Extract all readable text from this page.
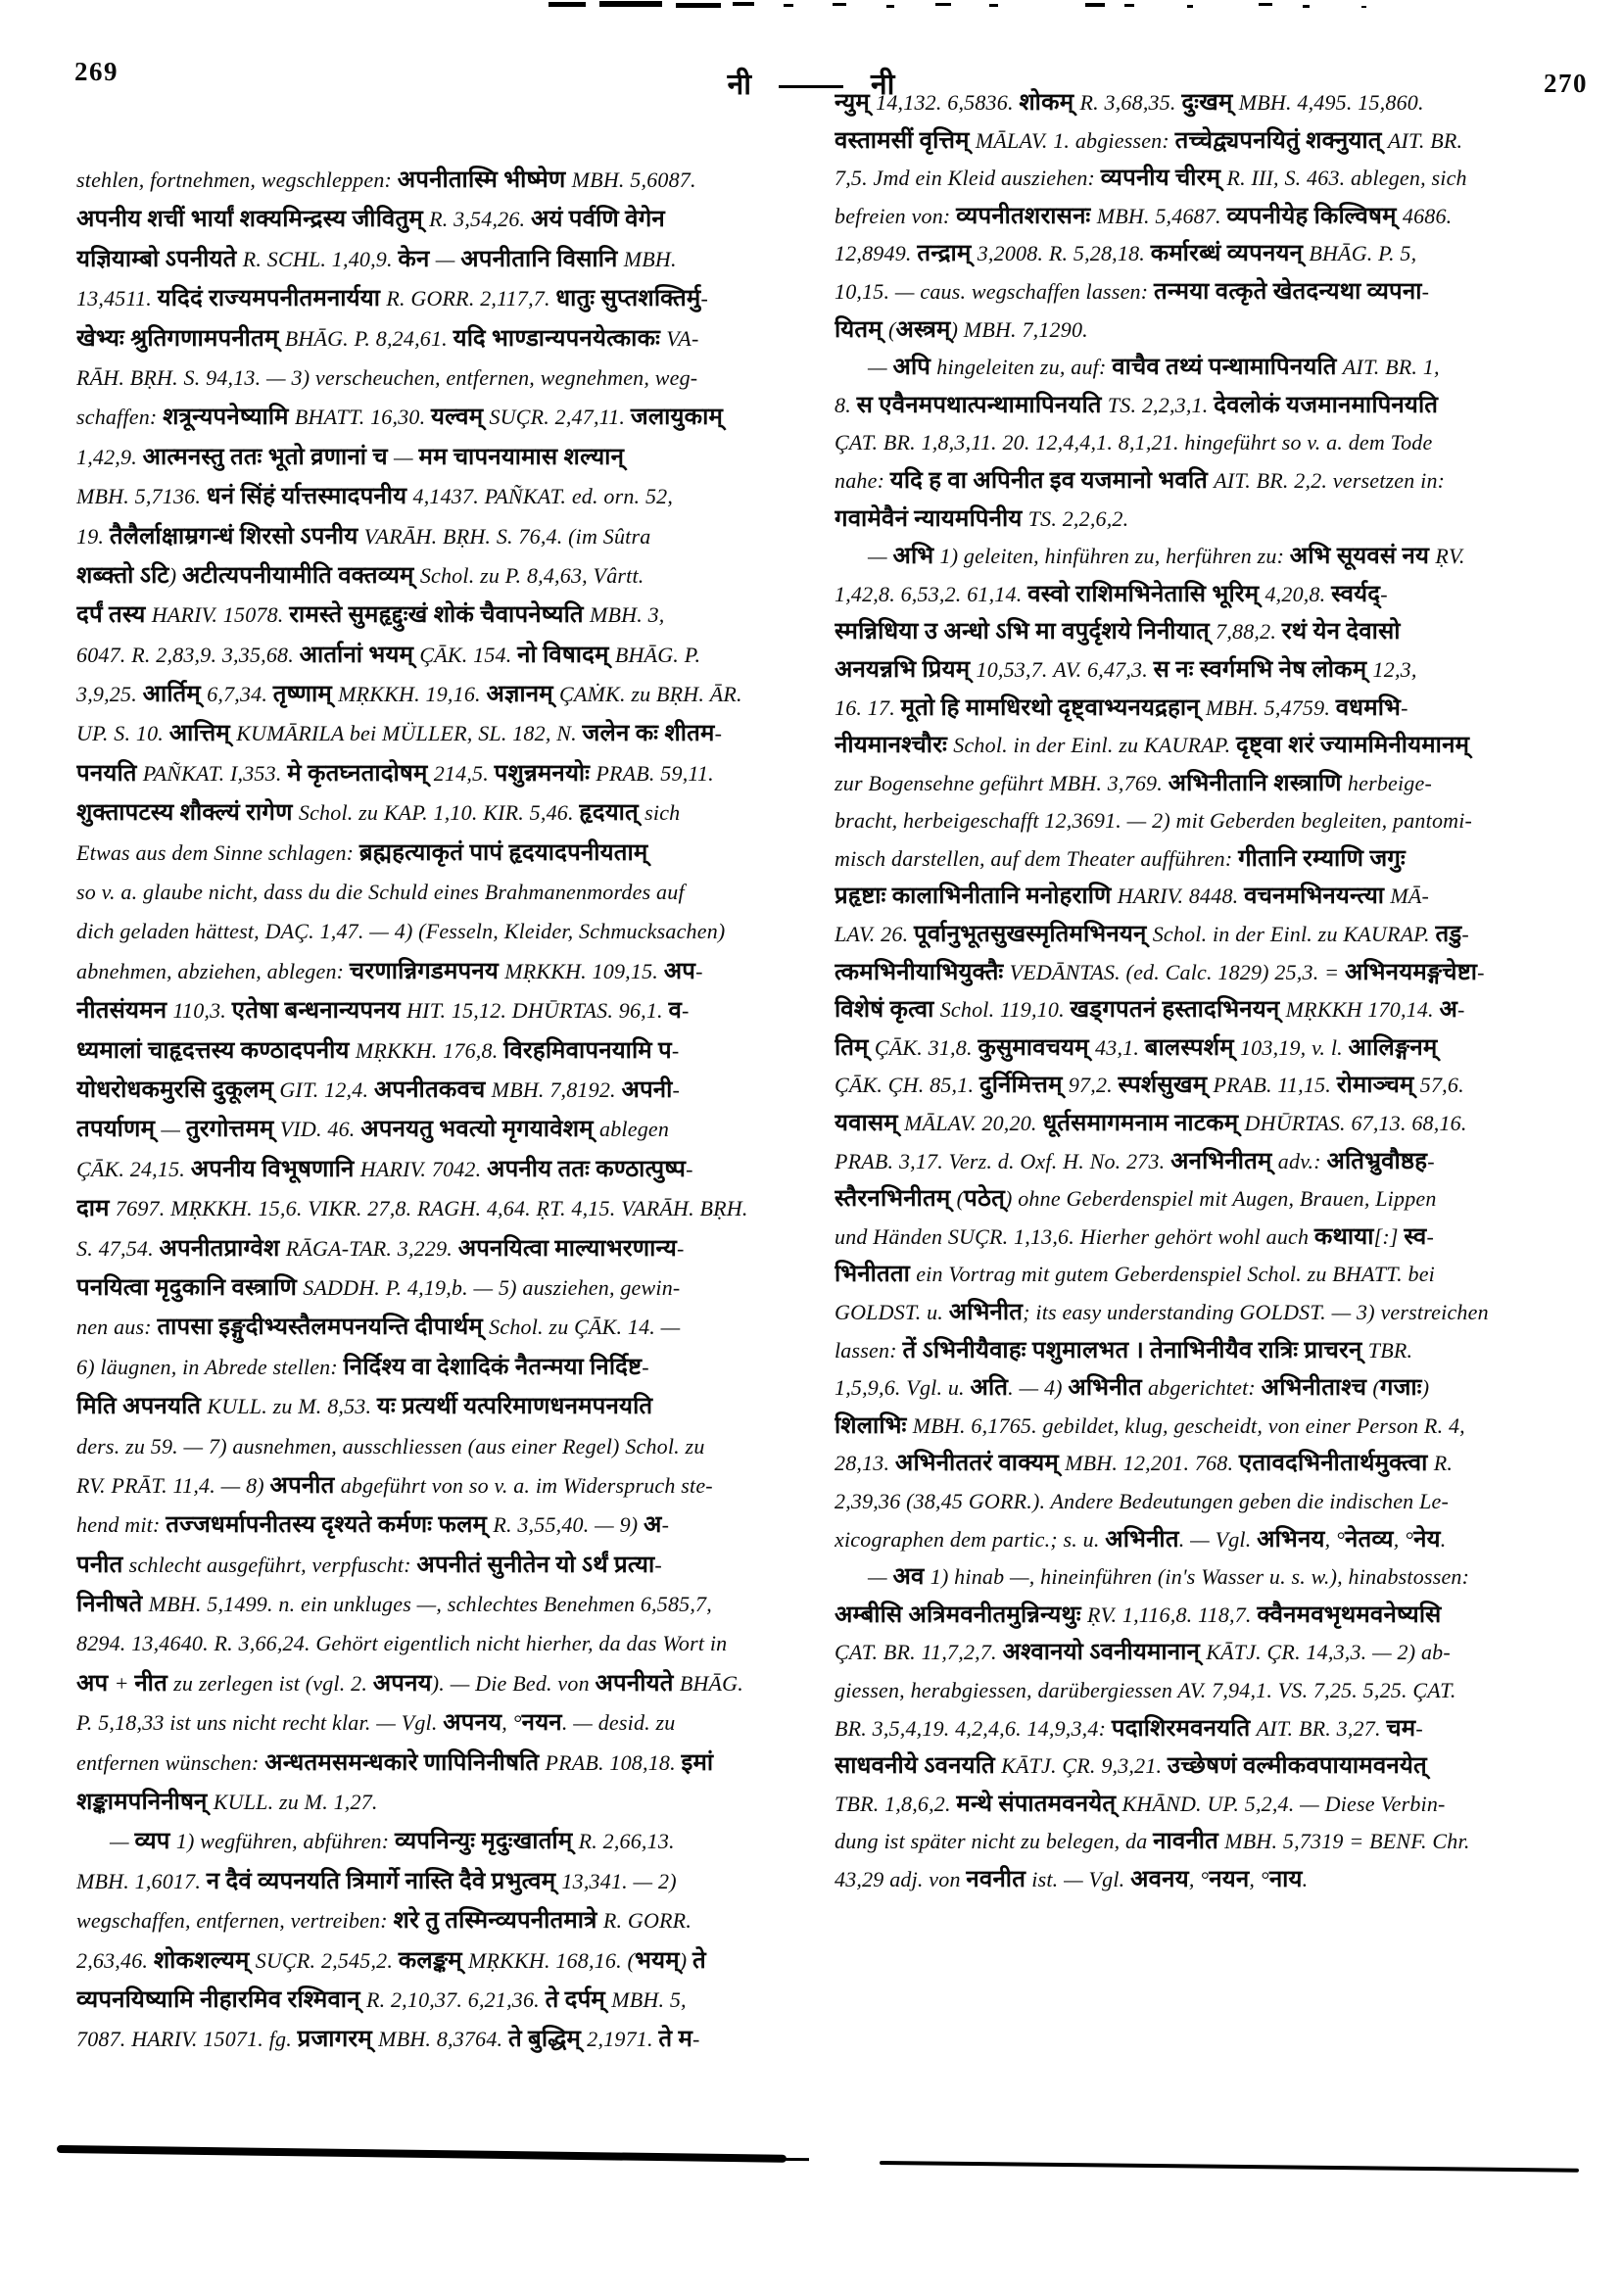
269	नी	नी	270
stehlen, fortnehmen, wegschleppen: अपनीतास्मि भीष्मेण MBH. 5,6087.
अपनीय शचीं भार्यां शक्यमिन्द्रस्य जीवितुम् R. 3,54,26. अयं पर्वणि वेगेन
यज्ञियाम्बो ऽपनीयते R. SCHL. 1,40,9. केन — अपनीतानि विसानि MBH.
13,4511. यदिदं राज्यमपनीतमनार्यया R. GORR. 2,117,7. धातुः सुप्तशक्तिर्मु-
खेभ्यः श्रुतिगणामपनीतम् BHĀG. P. 8,24,61. यदि भाण्डान्यपनयेत्काकः VA-
RĀH. BṚH. S. 94,13. — 3) verscheuchen, entfernen, wegnehmen, weg-
schaffen: शत्रून्यपनेष्यामि BHATT. 16,30. यल्वम् SUÇR. 2,47,11. जलायुकाम्
1,42,9. आत्मनस्तु ततः भूतो व्रणानां च — मम चापनयामास शल्यान्
MBH. 5,7136. धनं सिंहं र्यात्तस्मादपनीय 4,1437. PAÑKAT. ed. orn. 52,
19. तैलैर्लाक्षाम्रगन्धं शिरसो ऽपनीय VARĀH. BṚH. S. 76,4. (im Sûtra
शब्क्तो ऽटि) अटीत्यपनीयामीति वक्तव्यम् Schol. zu P. 8,4,63, Vârtt.
दर्पं तस्य HARIV. 15078. रामस्ते सुमहृद्दुःखं शोकं चैवापनेष्यति MBH. 3,
6047. R. 2,83,9. 3,35,68. आर्तानां भयम् ÇĀK. 154. नो विषादम् BHĀG. P.
3,9,25. आर्तिम् 6,7,34. तृष्णाम् MṚKKH. 19,16. अज्ञानम् ÇAṀK. zu BṚH. ĀR.
UP. S. 10. आत्तिम् KUMĀRILA bei MÜLLER, SL. 182, N. जलेन कः शीतम-
पनयति PAÑKAT. I,353. मे कृतघ्नतादोषम् 214,5. पशुन्नमनयोः PRAB. 59,11.
शुक्तापटस्य शौक्ल्यं रागेण Schol. zu KAP. 1,10. KIR. 5,46. हृदयात् sich
Etwas aus dem Sinne schlagen: ब्रह्महत्याकृतं पापं हृदयादपनीयताम्
so v. a. glaube nicht, dass du die Schuld eines Brahmanenmordes auf
dich geladen hättest, DAÇ. 1,47. — 4) (Fesseln, Kleider, Schmucksachen)
abnehmen, abziehen, ablegen: चरणान्निगडमपनय MṚKKH. 109,15. अप-
नीतसंयमन 110,3. एतेषा बन्धनान्यपनय HIT. 15,12. DHŪRTAS. 96,1. व-
ध्यमालां चाहृदत्तस्य कण्ठादपनीय MṚKKH. 176,8. विरहमिवापनयामि प-
योधरोधकमुरसि दुकूलम् GIT. 12,4. अपनीतकवच MBH. 7,8192. अपनी-
तपर्याणम् — तुरगोत्तमम् VID. 46. अपनयतु भवत्यो मृगयावेशम् ablegen
ÇĀK. 24,15. अपनीय विभूषणानि HARIV. 7042. अपनीय ततः कण्ठात्पुष्प-
दाम 7697. MṚKKH. 15,6. VIKR. 27,8. RAGH. 4,64. ṚT. 4,15. VARĀH. BṚH.
S. 47,54. अपनीतप्राग्वेश RĀGA-TAR. 3,229. अपनयित्वा माल्याभरणान्य-
पनयित्वा मृदुकानि वस्त्राणि SADDH. P. 4,19,b. — 5) ausziehen, gewin-
nen aus: तापसा इङ्गुदीभ्यस्तैलमपनयन्ति दीपार्थम् Schol. zu ÇĀK. 14. —
6) läugnen, in Abrede stellen: निर्दिश्य वा देशादिकं नैतन्मया निर्दिष्ट-
मिति अपनयति KULL. zu M. 8,53. यः प्रत्यर्थी यत्परिमाणधनमपनयति
ders. zu 59. — 7) ausnehmen, ausschliessen (aus einer Regel) Schol. zu
RV. PRĀT. 11,4. — 8) अपनीत abgeführt von so v. a. im Widerspruch ste-
hend mit: तज्जधर्मापनीतस्य दृश्यते कर्मणः फलम् R. 3,55,40. — 9) अ-
पनीत schlecht ausgeführt, verpfuscht: अपनीतं सुनीतेन यो ऽर्थं प्रत्या-
निनीषते MBH. 5,1499. n. ein unkluges —, schlechtes Benehmen 6,585,7,
8294. 13,4640. R. 3,66,24. Gehört eigentlich nicht hierher, da das Wort in
अप + नीत zu zerlegen ist (vgl. 2. अपनय). — Die Bed. von अपनीयते BHĀG.
P. 5,18,33 ist uns nicht recht klar. — Vgl. अपनय, °नयन. — desid. zu
entfernen wünschen: अन्धतमसमन्धकारे णापिनिनीषति PRAB. 108,18. इमां
शङ्कामपनिनीषन् KULL. zu M. 1,27.
— व्यप 1) wegführen, abführen: व्यपनिन्युः मृदुःखार्ताम् R. 2,66,13.
MBH. 1,6017. न दैवं व्यपनयति त्रिमार्गे नास्ति दैवे प्रभुत्वम् 13,341. — 2)
wegschaffen, entfernen, vertreiben: शरे तु तस्मिन्व्यपनीतमात्रे R. GORR.
2,63,46. शोकशल्यम् SUÇR. 2,545,2. कलङ्कम् MṚKKH. 168,16. (भयम्) ते
व्यपनयिष्यामि नीहारमिव रश्मिवान् R. 2,10,37. 6,21,36. ते दर्पम् MBH. 5,
7087. HARIV. 15071. fg. प्रजागरम् MBH. 8,3764. ते बुद्धिम् 2,1971. ते म-
न्युम् 14,132. 6,5836. शोकम् R. 3,68,35. दुःखम् MBH. 4,495. 15,860.
वस्तामसीं वृत्तिम् MĀLAV. 1. abgiessen: तच्चेद्व्यपनयितुं शक्नुयात् AIT. BR.
7,5. Jmd ein Kleid ausziehen: व्यपनीय चीरम् R. III, S. 463. ablegen, sich
befreien von: व्यपनीतशरासनः MBH. 5,4687. व्यपनीयेह किल्विषम् 4686.
12,8949. तन्द्राम् 3,2008. R. 5,28,18. कर्मारब्धं व्यपनयन् BHĀG. P. 5,
10,15. — caus. wegschaffen lassen: तन्मया वत्कृते खेतदन्यथा व्यपना-
यितम् (अस्त्रम्) MBH. 7,1290.
— अपि hingeleiten zu, auf: वाचैव तथ्यं पन्थामापिनयति AIT. BR. 1,
8. स एवैनमपथात्पन्थामापिनयति TS. 2,2,3,1. देवलोकं यजमानमापिनयति
ÇAT. BR. 1,8,3,11. 20. 12,4,4,1. 8,1,21. hingeführt so v. a. dem Tode
nahe: यदि ह वा अपिनीत इव यजमानो भवति AIT. BR. 2,2. versetzen in:
गवामेवैनं न्यायमपिनीय TS. 2,2,6,2.
— अभि 1) geleiten, hinführen zu, herführen zu: अभि सूयवसं नय ṚV.
1,42,8. 6,53,2. 61,14. वस्वो राशिमभिनेतासि भूरिम् 4,20,8. स्वर्यद्-
स्मन्निधिया उ अन्धो ऽभि मा वपुर्दृशये निनीयात् 7,88,2. रथं येन देवासो
अनयन्नभि प्रियम् 10,53,7. AV. 6,47,3. स नः स्वर्गमभि नेष लोकम् 12,3,
16. 17. मूतो हि मामधिरथो दृष्ट्वाभ्यनयद्रहान् MBH. 5,4759. वधमभि-
नीयमानश्चौरः Schol. in der Einl. zu KAURAP. दृष्ट्वा शरं ज्याममिनीयमानम्
zur Bogensehne geführt MBH. 3,769. अभिनीतानि शस्त्राणि herbeige-
bracht, herbeigeschafft 12,3691. — 2) mit Geberden begleiten, pantomi-
misch darstellen, auf dem Theater aufführen: गीतानि रम्याणि जगुः
प्रहृष्टाः कालाभिनीतानि मनोहराणि HARIV. 8448. वचनमभिनयन्त्या MĀ-
LAV. 26. पूर्वानुभूतसुखस्मृतिमभिनयन् Schol. in der Einl. zu KAURAP. तडु-
त्कमभिनीयाभियुक्तैः VEDĀNTAS. (ed. Calc. 1829) 25,3. = अभिनयमङ्गचेष्टा-
विशेषं कृत्वा Schol. 119,10. खड्गपतनं हस्तादभिनयन् MṚKKH 170,14. अ-
तिम् ÇĀK. 31,8. कुसुमावचयम् 43,1. बालस्पर्शम् 103,19, v. l. आलिङ्गनम्
ÇĀK. ÇH. 85,1. दुर्निमित्तम् 97,2. स्पर्शसुखम् PRAB. 11,15. रोमाञ्चम् 57,6.
यवासम् MĀLAV. 20,20. धूर्तसमागमनाम नाटकम् DHŪRTAS. 67,13. 68,16.
PRAB. 3,17. Verz. d. Oxf. H. No. 273. अनभिनीतम् adv.: अतिभ्रुवौष्ठह-
स्तैरनभिनीतम् (पठेत्) ohne Geberdenspiel mit Augen, Brauen, Lippen
und Händen SUÇR. 1,13,6. Hierher gehört wohl auch कथाया[:] स्व-
भिनीतता ein Vortrag mit gutem Geberdenspiel Schol. zu BHATT. bei
GOLDST. u. अभिनीत; its easy understanding GOLDST. — 3) verstreichen
lassen: तें ऽभिनीयैवाहः पशुमालभत । तेनाभिनीयैव रात्रिः प्राचरन् TBR.
1,5,9,6. Vgl. u. अति. — 4) अभिनीत abgerichtet: अभिनीताश्च (गजाः)
शिलाभिः MBH. 6,1765. gebildet, klug, gescheidt, von einer Person R. 4,
28,13. अभिनीततरं वाक्यम् MBH. 12,201. 768. एतावदभिनीतार्थमुक्त्वा R.
2,39,36 (38,45 GORR.). Andere Bedeutungen geben die indischen Le-
xicographen dem partic.; s. u. अभिनीत. — Vgl. अभिनय, °नेतव्य, °नेय.
— अव 1) hinab —, hineinführen (in's Wasser u. s. w.), hinabstossen:
अम्बीसि अत्रिमवनीतमुन्निन्यथुः ṚV. 1,116,8. 118,7. क्वैनमवभृथमवनेष्यसि
ÇAT. BR. 11,7,2,7. अश्वानयो ऽवनीयमानान् KĀTJ. ÇR. 14,3,3. — 2) ab-
giessen, herabgiessen, darübergiessen AV. 7,94,1. VS. 7,25. 5,25. ÇAT.
BR. 3,5,4,19. 4,2,4,6. 14,9,3,4: पदाशिरमवनयति AIT. BR. 3,27. चम-
साधवनीये ऽवनयति KĀTJ. ÇR. 9,3,21. उच्छेषणं वल्मीकवपायामवनयेत्
TBR. 1,8,6,2. मन्थे संपातमवनयेत् KHĀND. UP. 5,2,4. — Diese Verbin-
dung ist später nicht zu belegen, da नावनीत MBH. 5,7319 = BENF. Chr.
43,29 adj. von नवनीत ist. — Vgl. अवनय, °नयन, °नाय.
